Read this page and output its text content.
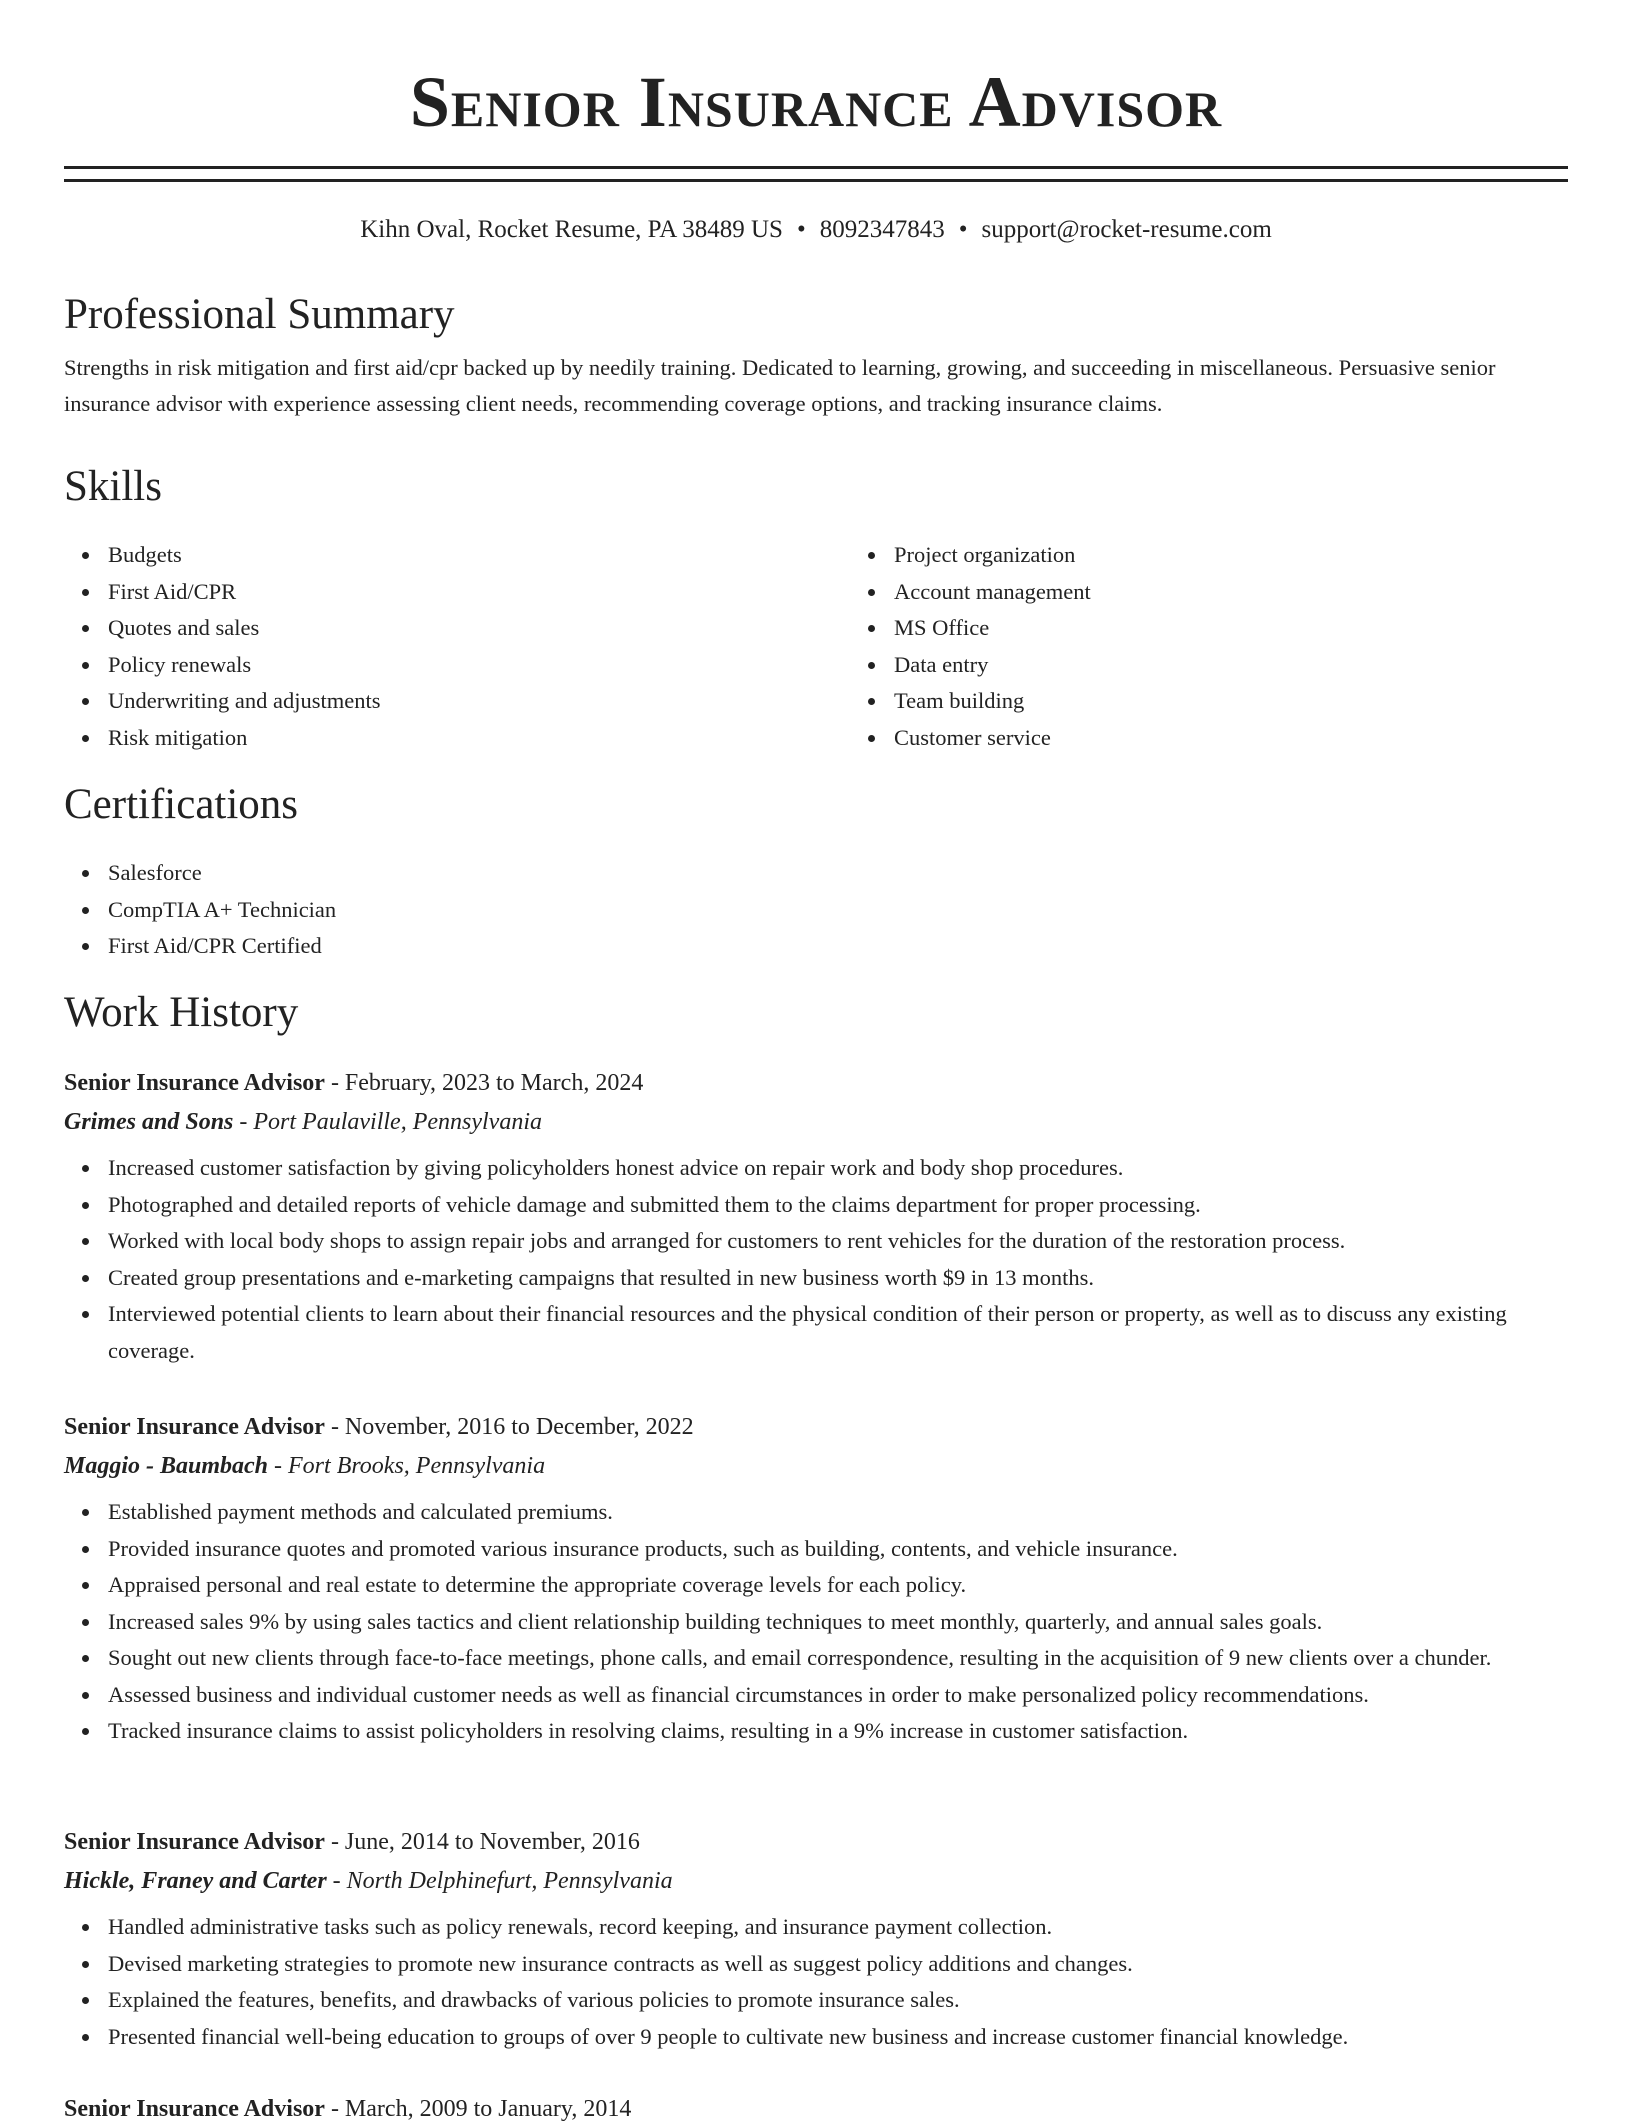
Senior Insurance Advisor
Kihn Oval, Rocket Resume, PA 38489 US • 8092347843 • support@rocket-resume.com
Professional Summary

Strengths in risk mitigation and first aid/cpr backed up by needily training. Dedicated to learning, growing, and succeeding in miscellaneous. Persuasive senior insurance advisor with experience assessing client needs, recommending coverage options, and tracking insurance claims.

Skills
Budgets
First Aid/CPR
Quotes and sales
Policy renewals
Underwriting and adjustments
Risk mitigation
Project organization
Account management
MS Office
Data entry
Team building
Customer service
Certifications
Salesforce
CompTIA A+ Technician
First Aid/CPR Certified
Work History
Senior Insurance Advisor - February, 2023 to March, 2024
Grimes and Sons - Port Paulaville, Pennsylvania
Increased customer satisfaction by giving policyholders honest advice on repair work and body shop procedures.
Photographed and detailed reports of vehicle damage and submitted them to the claims department for proper processing.
Worked with local body shops to assign repair jobs and arranged for customers to rent vehicles for the duration of the restoration process.
Created group presentations and e-marketing campaigns that resulted in new business worth $9 in 13 months.
Interviewed potential clients to learn about their financial resources and the physical condition of their person or property, as well as to discuss any existing coverage.
Senior Insurance Advisor - November, 2016 to December, 2022
Maggio - Baumbach - Fort Brooks, Pennsylvania
Established payment methods and calculated premiums.
Provided insurance quotes and promoted various insurance products, such as building, contents, and vehicle insurance.
Appraised personal and real estate to determine the appropriate coverage levels for each policy.
Increased sales 9% by using sales tactics and client relationship building techniques to meet monthly, quarterly, and annual sales goals.
Sought out new clients through face-to-face meetings, phone calls, and email correspondence, resulting in the acquisition of 9 new clients over a chunder.
Assessed business and individual customer needs as well as financial circumstances in order to make personalized policy recommendations.
Tracked insurance claims to assist policyholders in resolving claims, resulting in a 9% increase in customer satisfaction.
Senior Insurance Advisor - June, 2014 to November, 2016
Hickle, Franey and Carter - North Delphinefurt, Pennsylvania
Handled administrative tasks such as policy renewals, record keeping, and insurance payment collection.
Devised marketing strategies to promote new insurance contracts as well as suggest policy additions and changes.
Explained the features, benefits, and drawbacks of various policies to promote insurance sales.
Presented financial well-being education to groups of over 9 people to cultivate new business and increase customer financial knowledge.
Senior Insurance Advisor - March, 2009 to January, 2014
